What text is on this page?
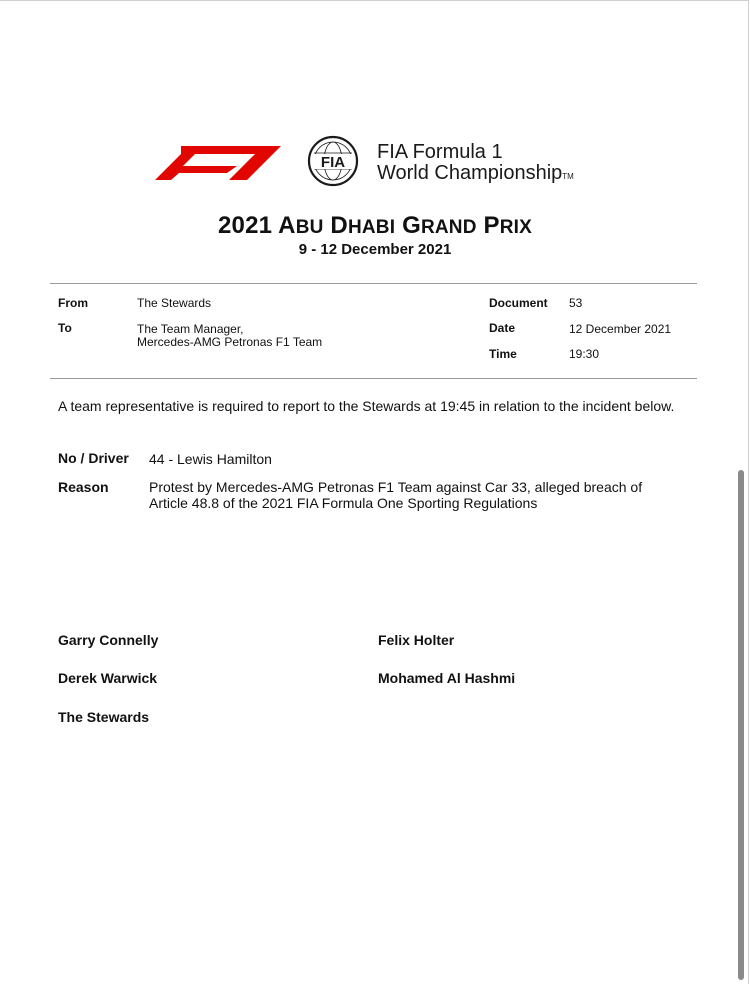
FIA FIA Formula 1
World ChampionshipTM
2021 ABU DHABI GRAND PRIX
9 - 12 December 2021
From	The Stewards
To	The Team Manager,
Mercedes-AMG Petronas F1 Team
Document 53
Date	12 December 2021
Time	19:30
A team representative is required to report to the Stewards at 19:45 in relation to the incident below.
No / Driver 44 - Lewis Hamilton
Reason	Protest by Mercedes-AMG Petronas F1 Team against Car 33, alleged breach of
Article 48.8 of the 2021 FIA Formula One Sporting Regulations
Garry Connelly	Felix Holter
Derek Warwick	Mohamed Al Hashmi
The Stewards
